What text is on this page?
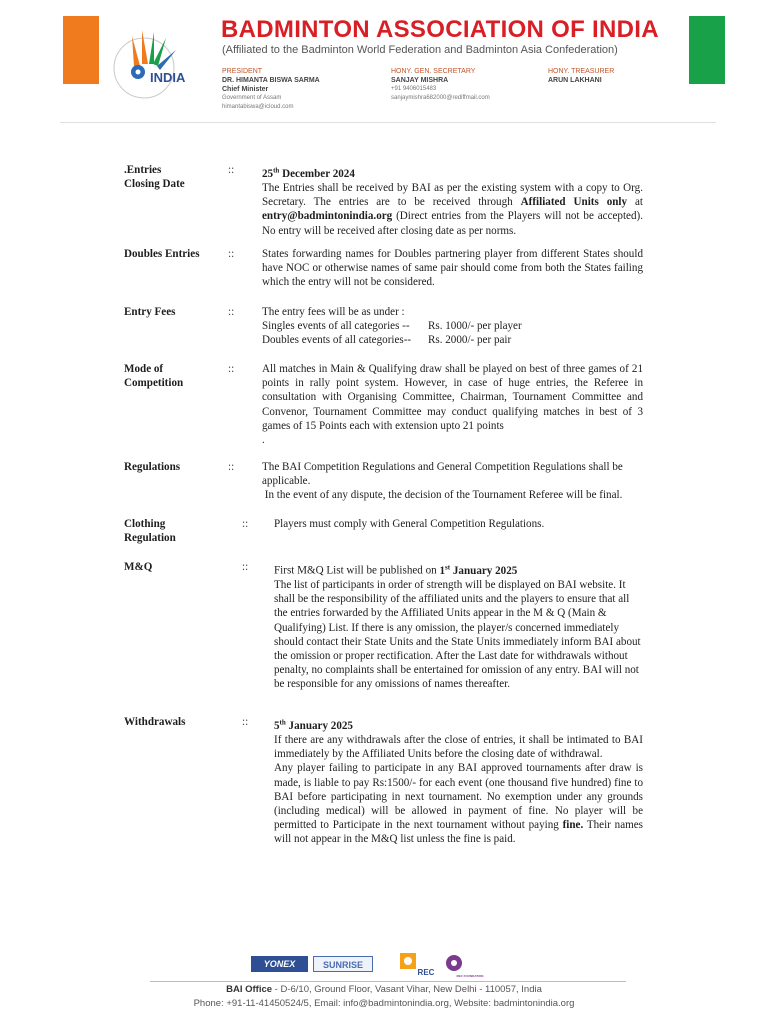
INDIA
BADMINTON ASSOCIATION OF INDIA
(Affiliated to the Badminton World Federation and Badminton Asia Confederation)
PRESIDENT
DR. HIMANTA BISWA SARMA
Chief Minister
Government of Assam
himantabiswa@icloud.com
HONY. GEN. SECRETARY
SANJAY MISHRA
+91 9406015483
sanjaymishra682000@rediffmail.com
HONY. TREASURER
ARUN LAKHANI
.Entries
Closing Date
::	25th December 2024

The Entries shall be received by BAI as per the existing system with a copy to Org. Secretary. The entries are to be received through Affiliated Units only at entry@badmintonindia.org (Direct entries from the Players will not be accepted). No entry will be received after closing date as per norms.

Doubles Entries	::	States forwarding names for Doubles partnering player from different States should have NOC or otherwise names of same pair should come from both the States failing which the entry will not be considered.
Entry Fees	::	The entry fees will be as under :

Singles events of all categories -- Rs. 1000/- per player

Doubles events of all categories-- Rs. 2000/- per pair

Mode of
Competition
::	All matches in Main & Qualifying draw shall be played on best of three games of 21 points in rally point system. However, in case of huge entries, the Referee in consultation with Organising Committee, Chairman, Tournament Committee and Convenor, Tournament Committee may conduct qualifying matches in best of 3 games of 15 Points each with extension upto 21 points

.

Regulations	::	The BAI Competition Regulations and General Competition Regulations shall be applicable.

In the event of any dispute, the decision of the Tournament Referee will be final.

Clothing
Regulation
:: Players must comply with General Competition Regulations.
M&Q	:: First M&Q List will be published on 1st January 2025

The list of participants in order of strength will be displayed on BAI website. It shall be the responsibility of the affiliated units and the players to ensure that all the entries forwarded by the Affiliated Units appear in the M & Q (Main & Qualifying) List. If there is any omission, the player/s concerned immediately should contact their State Units and the State Units immediately inform BAI about the omission or proper rectification. After the Last date for withdrawals without penalty, no complaints shall be entertained for omission of any entry. BAI will not be responsible for any omissions of names thereafter.

Withdrawals	:: 5th January 2025

If there are any withdrawals after the close of entries, it shall be intimated to BAI immediately by the Affiliated Units before the closing date of withdrawal.

Any player failing to participate in any BAI approved tournaments after draw is made, is liable to pay Rs:1500/- for each event (one thousand five hundred) fine to BAI before participating in next tournament. No exemption under any grounds (including medical) will be allowed in payment of fine. No player will be permitted to Participate in the next tournament without paying fine. Their names will not appear in the M&Q list unless the fine is paid.

YONEX	SUNRISE
REC	REC FOUNDATION
BAI Office - D-6/10, Ground Floor, Vasant Vihar, New Delhi - 110057, India
Phone: +91-11-41450524/5, Email: info@badmintonindia.org, Website: badmintonindia.org
